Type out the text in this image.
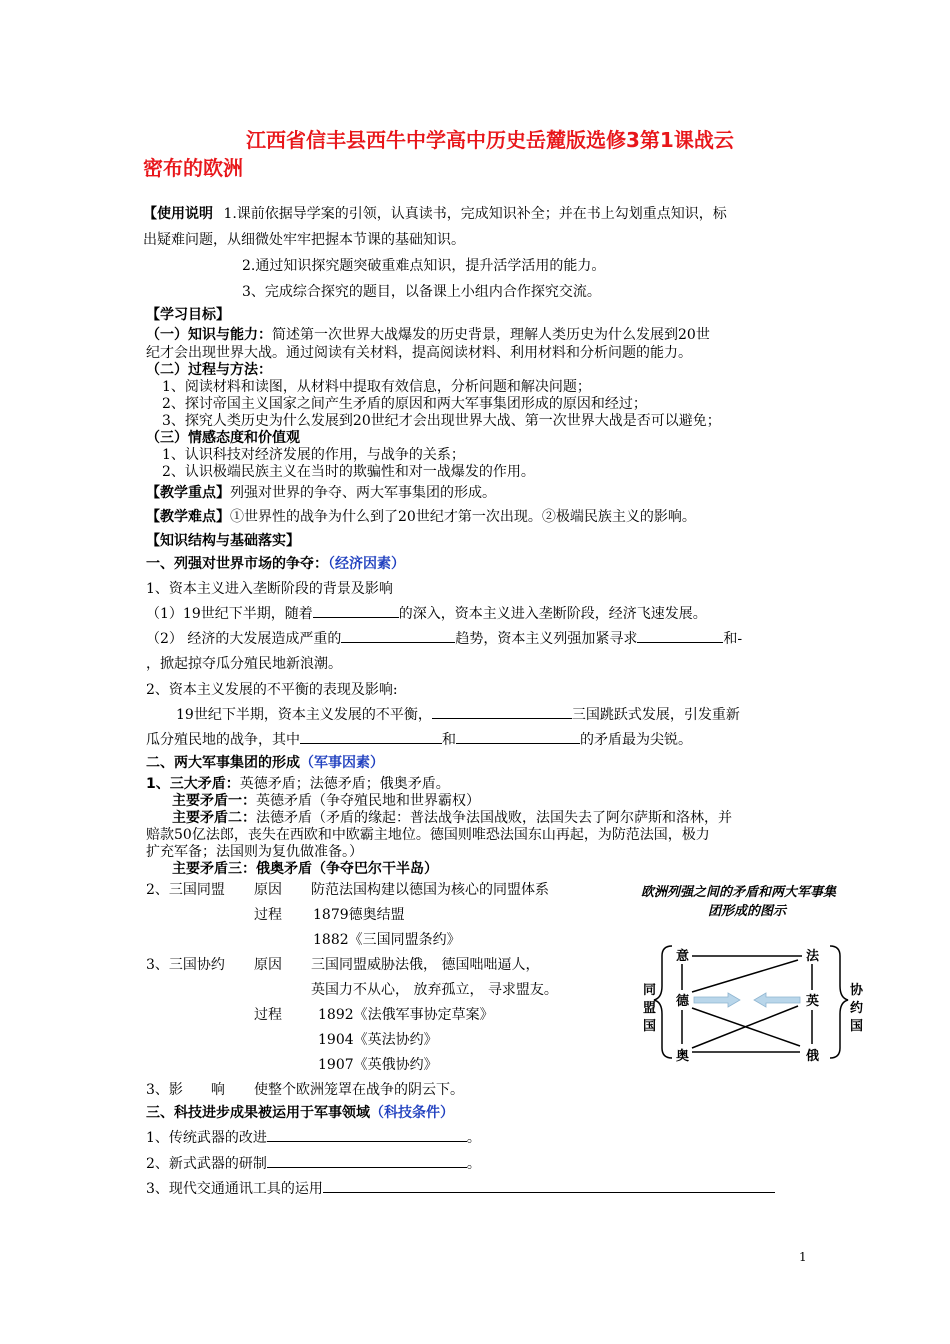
江西省信丰县西牛中学高中历史岳麓版选修3第1课战云
密布的欧洲
【使用说明 1.课前依据导学案的引领，认真读书，完成知识补全；并在书上勾划重点知识，标
出疑难问题，从细微处牢牢把握本节课的基础知识。
2.通过知识探究题突破重难点知识，提升活学活用的能力。
3、完成综合探究的题目，以备课上小组内合作探究交流。
【学习目标】
（一）知识与能力：简述第一次世界大战爆发的历史背景，理解人类历史为什么发展到20世
纪才会出现世界大战。通过阅读有关材料，提高阅读材料、利用材料和分析问题的能力。
（二）过程与方法：
1、阅读材料和读图，从材料中提取有效信息，分析问题和解决问题；
2、探讨帝国主义国家之间产生矛盾的原因和两大军事集团形成的原因和经过；
3、探究人类历史为什么发展到20世纪才会出现世界大战、第一次世界大战是否可以避免；
（三）情感态度和价值观
1、认识科技对经济发展的作用，与战争的关系；
2、认识极端民族主义在当时的欺骗性和对一战爆发的作用。
【教学重点】列强对世界的争夺、两大军事集团的形成。
【教学难点】①世界性的战争为什么到了20世纪才第一次出现。②极端民族主义的影响。
【知识结构与基础落实】
一、列强对世界市场的争夺：（经济因素）
1、资本主义进入垄断阶段的背景及影响
（1）19世纪下半期，随着	的深入，资本主义进入垄断阶段，经济飞速发展。
（2） 经济的大发展造成严重的	趋势，资本主义列强加紧寻求	和-
，掀起掠夺瓜分殖民地新浪潮。
2、资本主义发展的不平衡的表现及影响:
19世纪下半期，资本主义发展的不平衡，	三国跳跃式发展，引发重新
瓜分殖民地的战争，其中	和	的矛盾最为尖锐。
二、两大军事集团的形成（军事因素）
1、三大矛盾：英德矛盾；法德矛盾；俄奥矛盾。
主要矛盾一：英德矛盾（争夺殖民地和世界霸权）
主要矛盾二：法德矛盾（矛盾的缘起：普法战争法国战败，法国失去了阿尔萨斯和洛林，并
赔款50亿法郎，丧失在西欧和中欧霸主地位。德国则唯恐法国东山再起，为防范法国，极力
扩充军备；法国则为复仇做准备。）
主要矛盾三：俄奥矛盾（争夺巴尔干半岛）
2、三国同盟 原因 防范法国构建以德国为核心的同盟体系
过程 1879德奥结盟
1882《三国同盟条约》
3、三国协约 原因 三国同盟威胁法俄， 德国咄咄逼人，
英国力不从心， 放弃孤立， 寻求盟友。
过程	1892《法俄军事协定草案》
1904《英法协约》
1907《英俄协约》
3、影　　响 使整个欧洲笼罩在战争的阴云下。
三、科技进步成果被运用于军事领域（科技条件）
1、传统武器的改进	。
2、新式武器的研制	。
3、现代交通通讯工具的运用
欧洲列强之间的矛盾和两大军事集
团形成的图示
同
盟
国
协
约
国
意
德
奥
法
英
俄
1
